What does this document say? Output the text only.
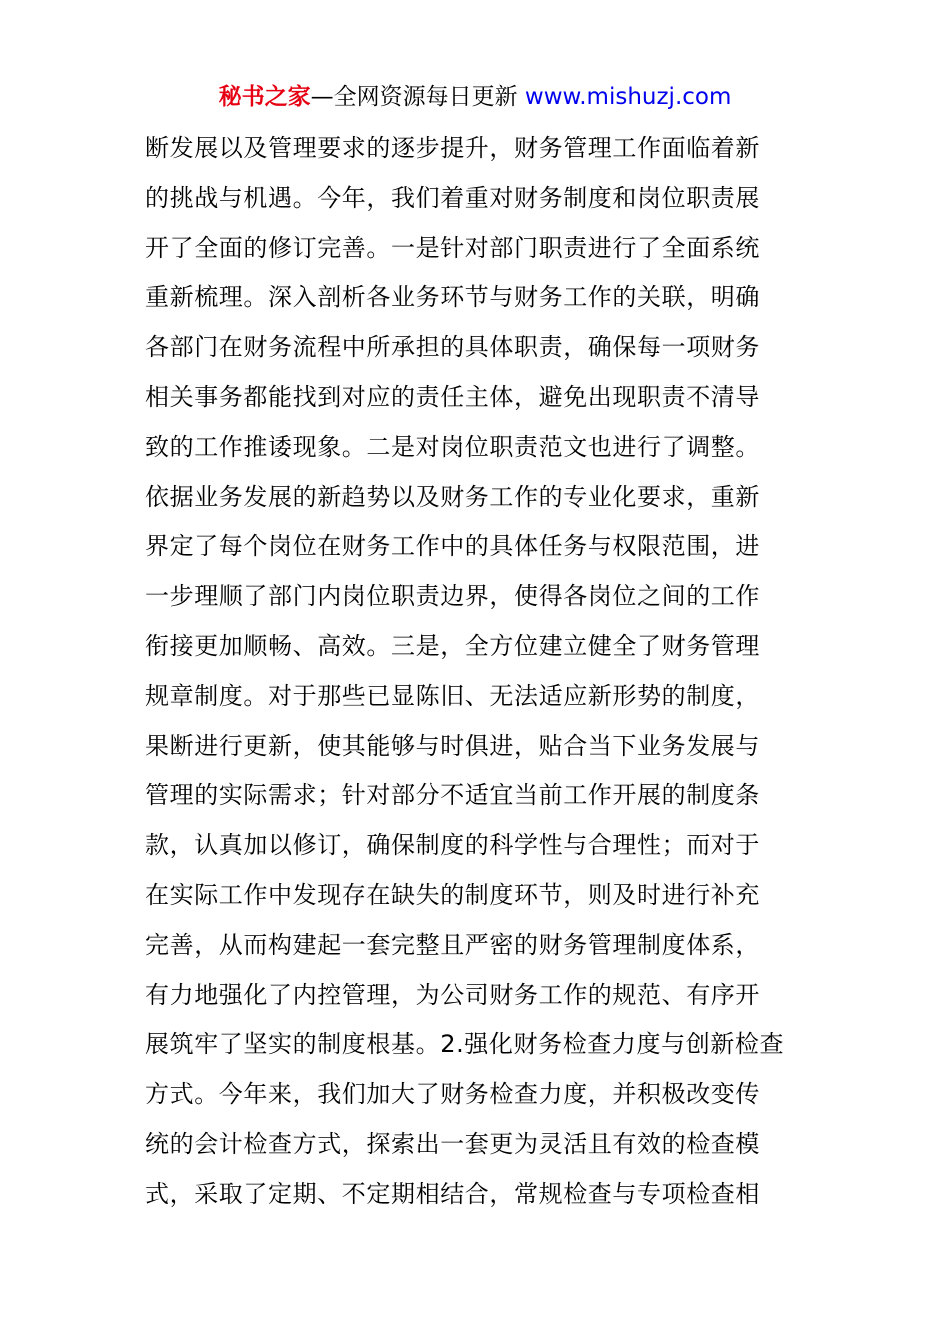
秘书之家—全网资源每日更新 www.mishuzj.com
断发展以及管理要求的逐步提升，财务管理工作面临着新
的挑战与机遇。今年，我们着重对财务制度和岗位职责展
开了全面的修订完善。一是针对部门职责进行了全面系统
重新梳理。深入剖析各业务环节与财务工作的关联，明确
各部门在财务流程中所承担的具体职责，确保每一项财务
相关事务都能找到对应的责任主体，避免出现职责不清导
致的工作推诿现象。二是对岗位职责范文也进行了调整。
依据业务发展的新趋势以及财务工作的专业化要求，重新
界定了每个岗位在财务工作中的具体任务与权限范围，进
一步理顺了部门内岗位职责边界，使得各岗位之间的工作
衔接更加顺畅、高效。三是，全方位建立健全了财务管理
规章制度。对于那些已显陈旧、无法适应新形势的制度，
果断进行更新，使其能够与时俱进，贴合当下业务发展与
管理的实际需求；针对部分不适宜当前工作开展的制度条
款，认真加以修订，确保制度的科学性与合理性；而对于
在实际工作中发现存在缺失的制度环节，则及时进行补充
完善，从而构建起一套完整且严密的财务管理制度体系，
有力地强化了内控管理，为公司财务工作的规范、有序开
展筑牢了坚实的制度根基。2.强化财务检查力度与创新检查
方式。今年来，我们加大了财务检查力度，并积极改变传
统的会计检查方式，探索出一套更为灵活且有效的检查模
式，采取了定期、不定期相结合，常规检查与专项检查相
